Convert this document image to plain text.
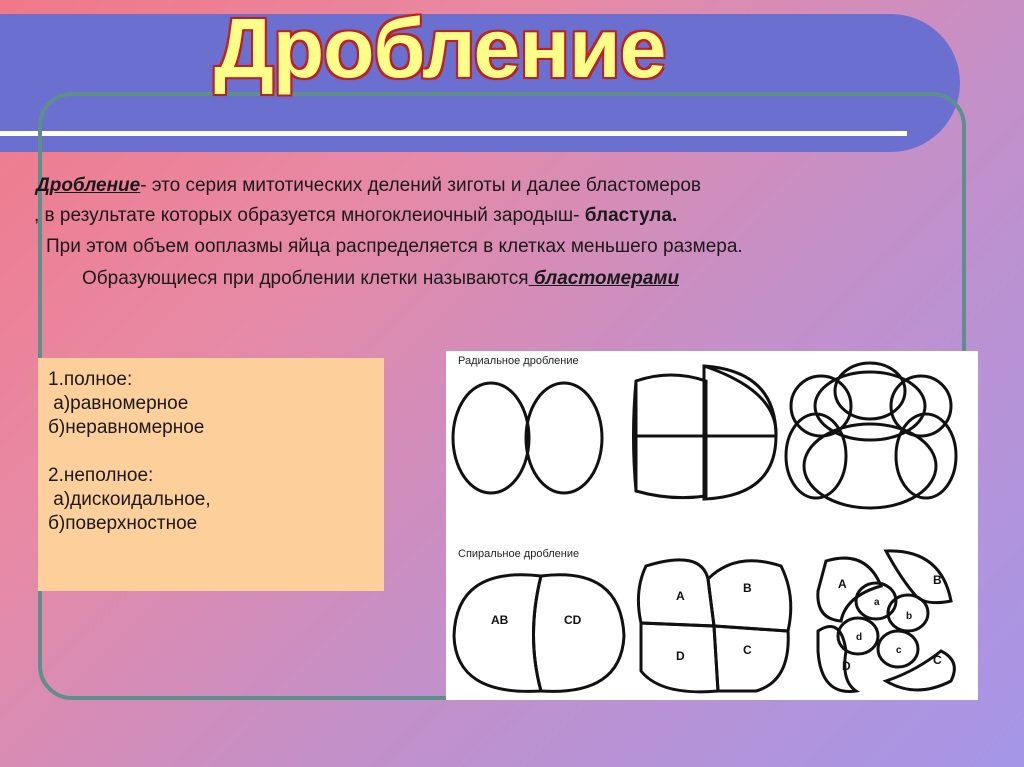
Дробление
Дробление- это серия митотических делений зиготы и далее бластомеров
, в результате которых образуется многоклеиочный зародыш- бластула.
При этом объем ооплазмы яйца распределяется в клетках меньшего размера.
Образующиеся при дроблении клетки называются бластомерами
1.полное:
а)равномерное
б)неравномерное
2.неполное:
а)дискоидальное,
б)поверхностное
Радиальное дробление
Спиральное дробление
AB	CD
A
B
C
D
A	B
C
D
a
b
c
d
